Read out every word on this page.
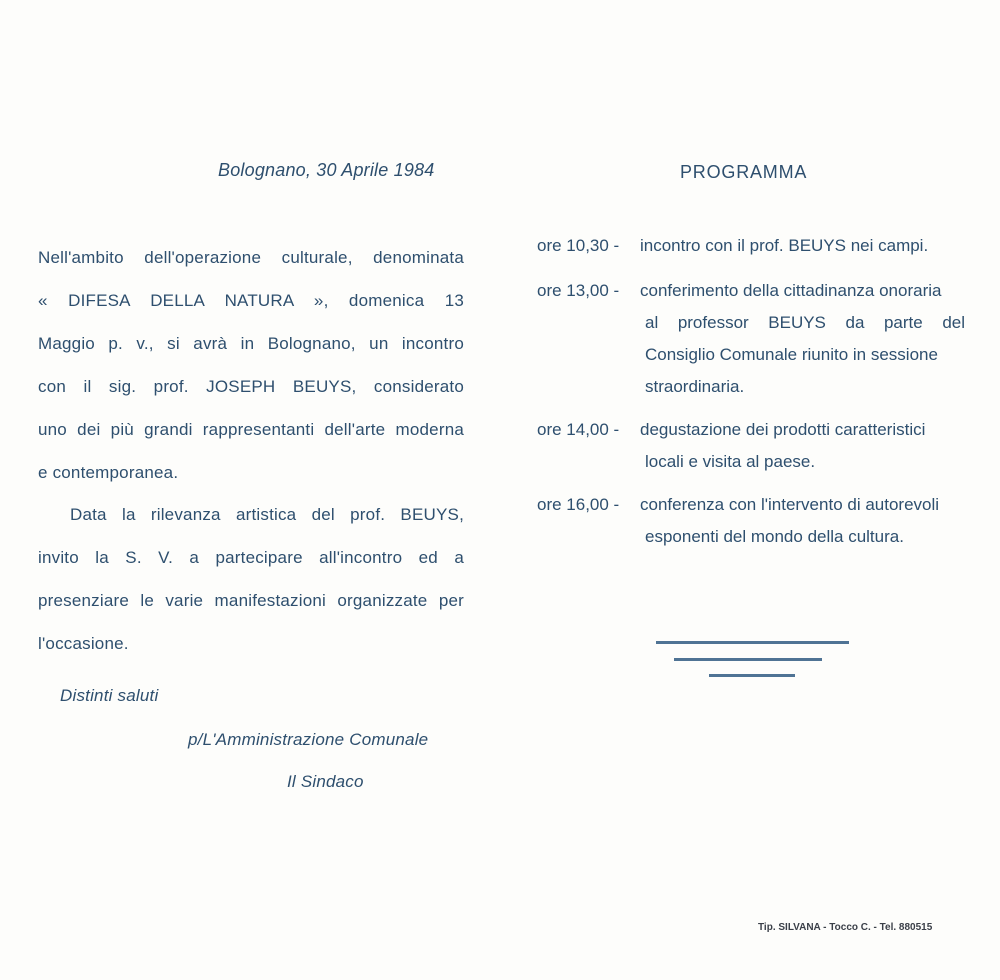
Bolognano, 30 Aprile 1984
Nell'ambito dell'operazione culturale, denominata
« DIFESA DELLA NATURA », domenica 13
Maggio p. v., si avrà in Bolognano, un incontro
con il sig. prof. JOSEPH BEUYS, considerato
uno dei più grandi rappresentanti dell'arte moderna
e contemporanea.
Data la rilevanza artistica del prof. BEUYS,
invito la S. V. a partecipare all'incontro ed a
presenziare le varie manifestazioni organizzate per
l'occasione.
Distinti saluti
p/L'Amministrazione Comunale
Il Sindaco
PROGRAMMA
ore 10,30 - incontro con il prof. BEUYS nei campi.
ore 13,00 - conferimento della cittadinanza onoraria
al professor BEUYS da parte del
Consiglio Comunale riunito in sessione
straordinaria.
ore 14,00 - degustazione dei prodotti caratteristici
locali e visita al paese.
ore 16,00 - conferenza con l'intervento di autorevoli
esponenti del mondo della cultura.
Tip. SILVANA - Tocco C. - Tel. 880515
